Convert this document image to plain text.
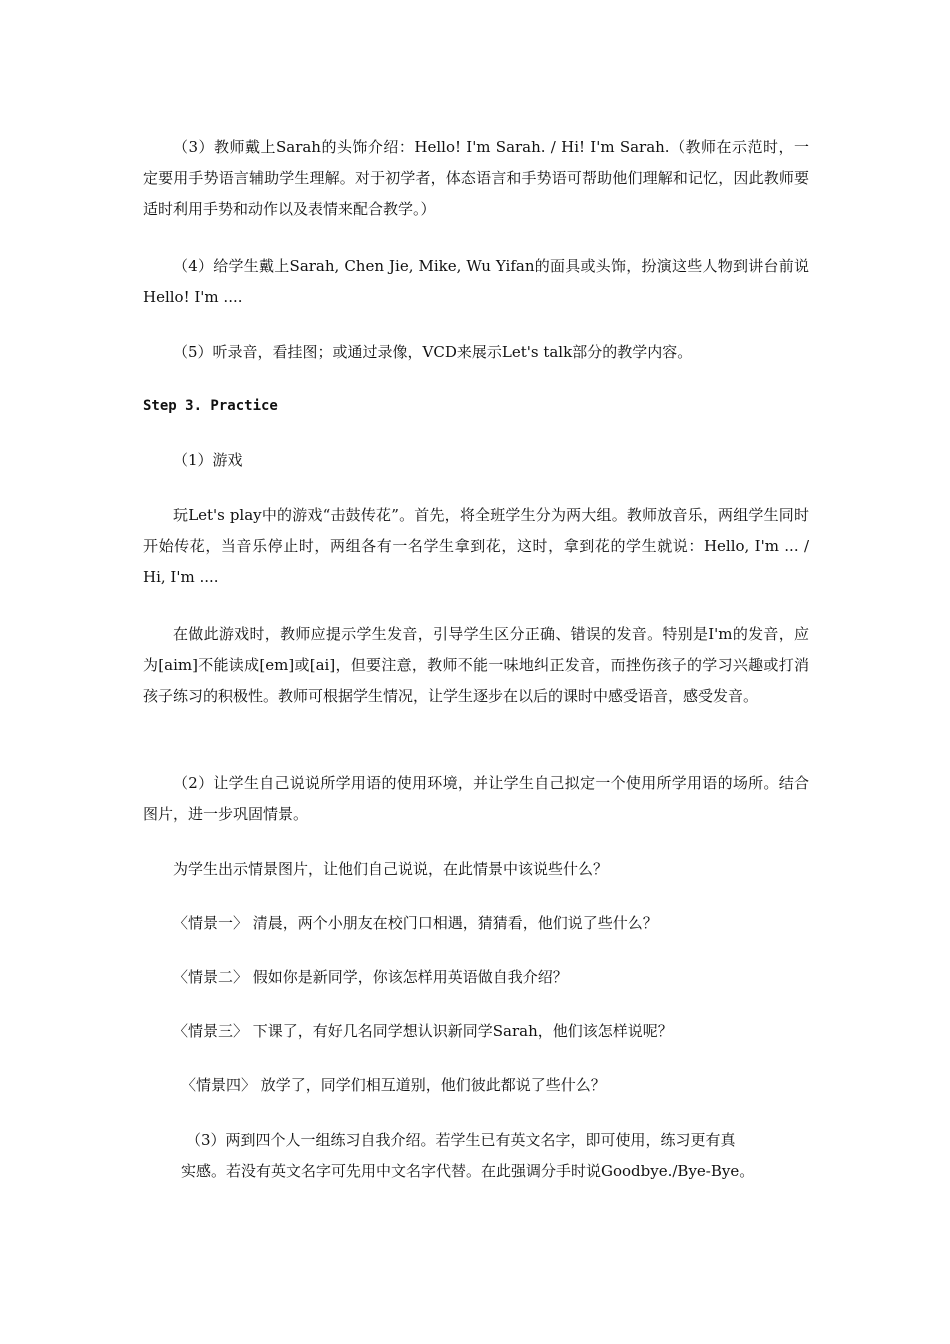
（3）教师戴上Sarah的头饰介绍：Hello! I'm Sarah. / Hi! I'm Sarah.（教师在示范时，一定要用手势语言辅助学生理解。对于初学者，体态语言和手势语可帮助他们理解和记忆，因此教师要适时利用手势和动作以及表情来配合教学。）

（4）给学生戴上Sarah, Chen Jie, Mike, Wu Yifan的面具或头饰，扮演这些人物到讲台前说Hello! I'm ....

（5）听录音，看挂图；或通过录像，VCD来展示Let's talk部分的教学内容。

Step 3. Practice

（1）游戏

玩Let's play中的游戏“击鼓传花”。首先，将全班学生分为两大组。教师放音乐，两组学生同时开始传花，当音乐停止时，两组各有一名学生拿到花，这时，拿到花的学生就说：Hello, I'm ... / Hi, I'm ....

在做此游戏时，教师应提示学生发音，引导学生区分正确、错误的发音。特别是I'm的发音，应为[aim]不能读成[em]或[ai]，但要注意，教师不能一味地纠正发音，而挫伤孩子的学习兴趣或打消孩子练习的积极性。教师可根据学生情况，让学生逐步在以后的课时中感受语音，感受发音。

（2）让学生自己说说所学用语的使用环境，并让学生自己拟定一个使用所学用语的场所。结合图片，进一步巩固情景。

为学生出示情景图片，让他们自己说说，在此情景中该说些什么？

〈情景一〉 清晨，两个小朋友在校门口相遇，猜猜看，他们说了些什么？

〈情景二〉 假如你是新同学，你该怎样用英语做自我介绍？

〈情景三〉 下课了，有好几名同学想认识新同学Sarah，他们该怎样说呢？

〈情景四〉 放学了，同学们相互道别，他们彼此都说了些什么？

（3）两到四个人一组练习自我介绍。若学生已有英文名字，即可使用，练习更有真

实感。若没有英文名字可先用中文名字代替。在此强调分手时说Goodbye./Bye-Bye。
